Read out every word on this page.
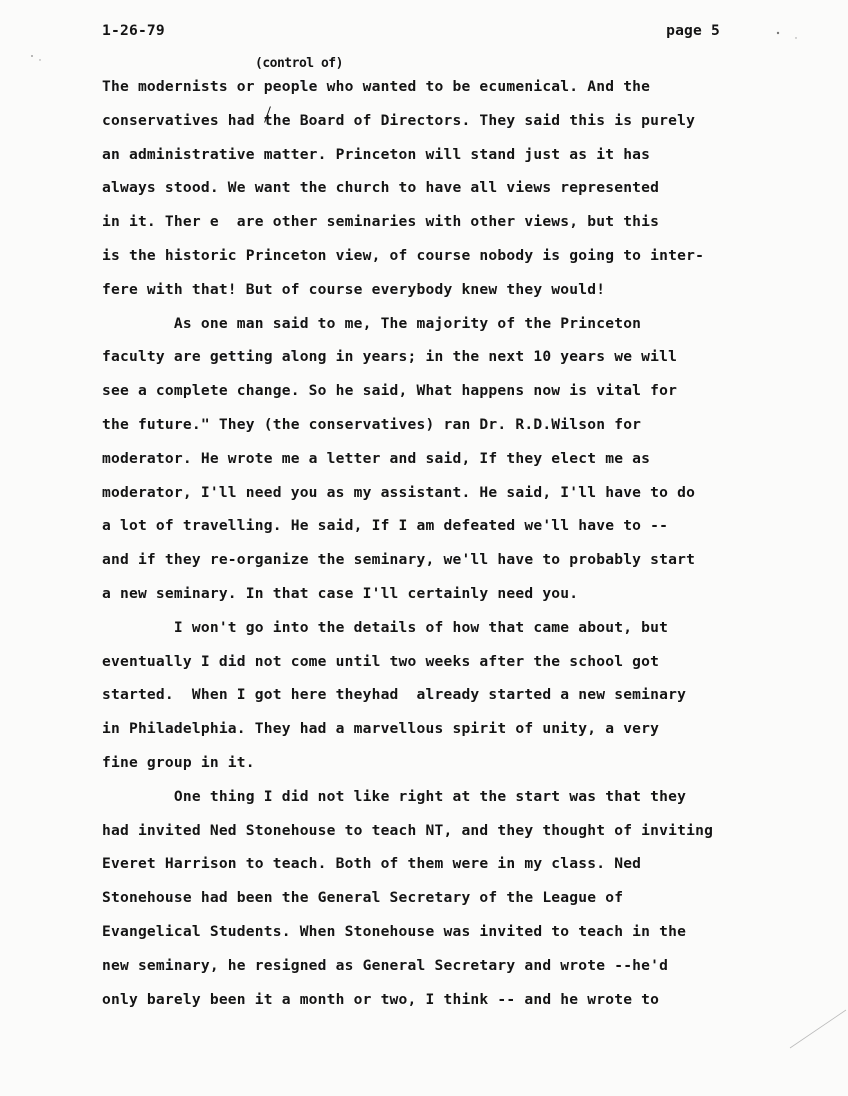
1-26-79	page 5
(control of)
The modernists or people who wanted to be ecumenical. And the
conservatives had the Board of Directors. They said this is purely
an administrative matter. Princeton will stand just as it has
always stood. We want the church to have all views represented
in it. Ther e  are other seminaries with other views, but this
is the historic Princeton view, of course nobody is going to inter-
fere with that! But of course everybody knew they would!
As one man said to me, The majority of the Princeton
faculty are getting along in years; in the next 10 years we will
see a complete change. So he said, What happens now is vital for
the future." They (the conservatives) ran Dr. R.D.Wilson for
moderator. He wrote me a letter and said, If they elect me as
moderator, I'll need you as my assistant. He said, I'll have to do
a lot of travelling. He said, If I am defeated we'll have to --
and if they re-organize the seminary, we'll have to probably start
a new seminary. In that case I'll certainly need you.
I won't go into the details of how that came about, but
eventually I did not come until two weeks after the school got
started.  When I got here theyhad  already started a new seminary
in Philadelphia. They had a marvellous spirit of unity, a very
fine group in it.
One thing I did not like right at the start was that they
had invited Ned Stonehouse to teach NT, and they thought of inviting
Everet Harrison to teach. Both of them were in my class. Ned
Stonehouse had been the General Secretary of the League of
Evangelical Students. When Stonehouse was invited to teach in the
new seminary, he resigned as General Secretary and wrote --he'd
only barely been it a month or two, I think -- and he wrote to
